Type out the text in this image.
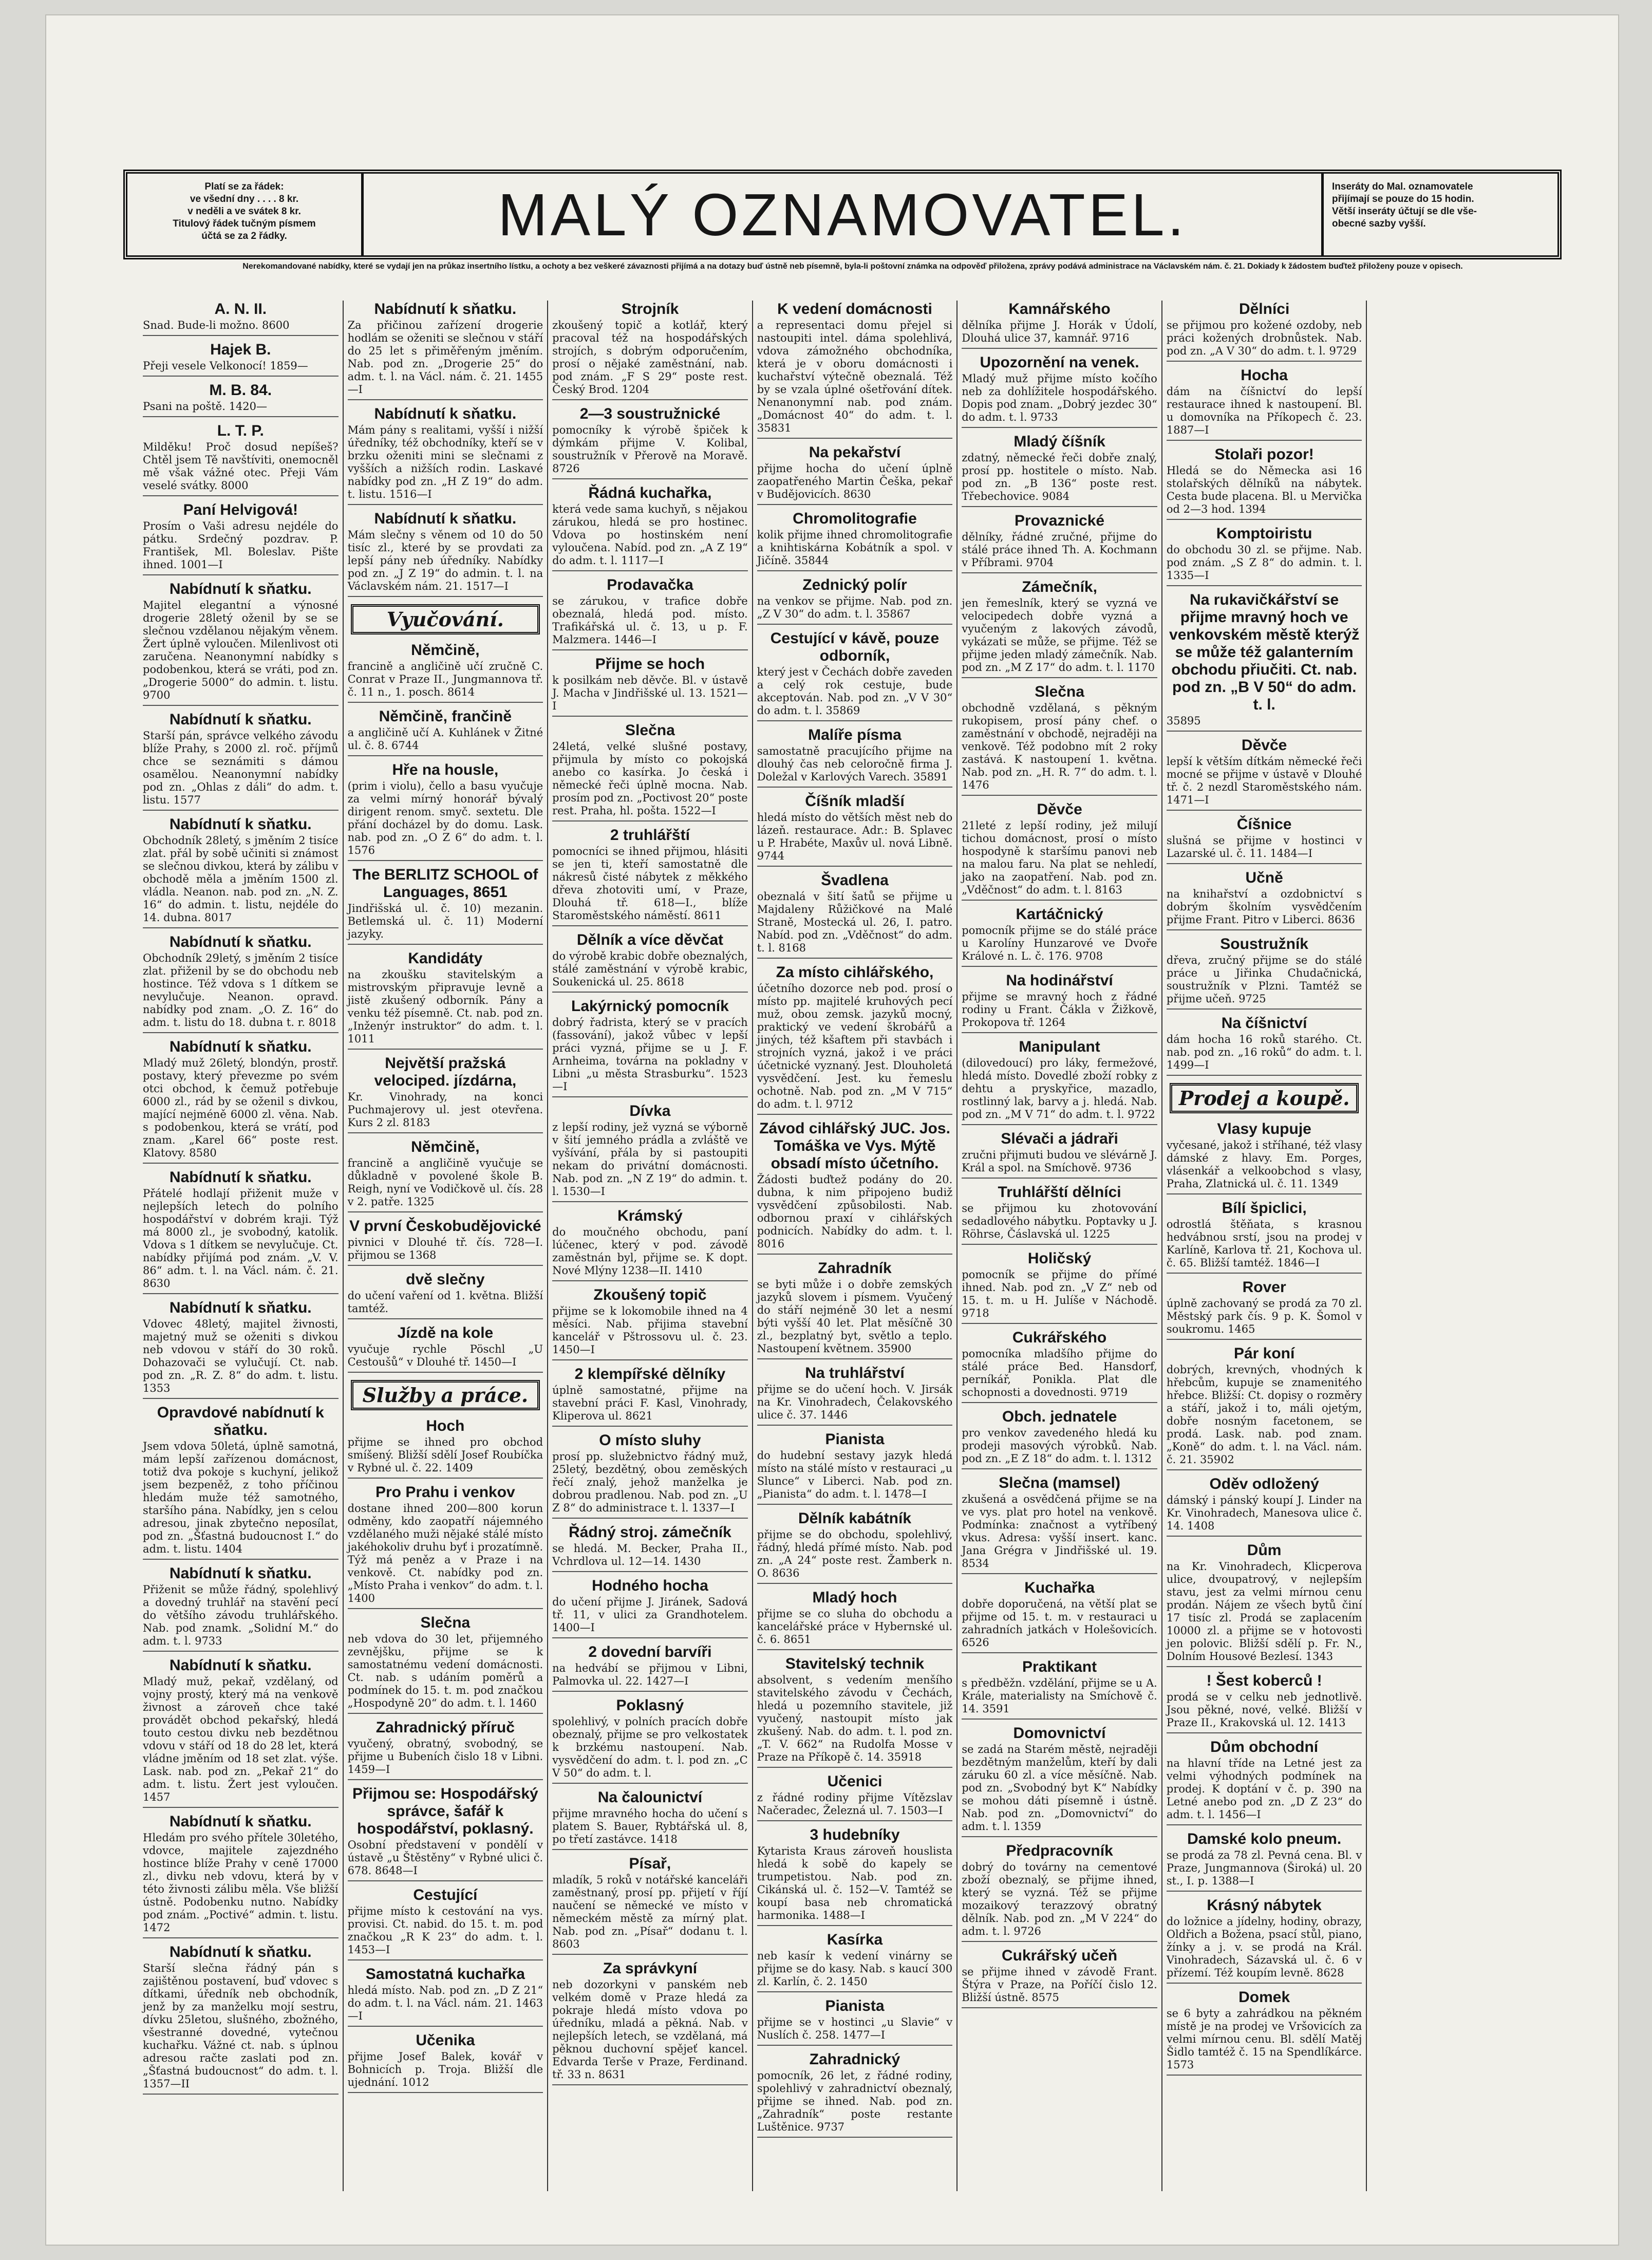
Platí se za řádek:
ve všední dny . . . . 8 kr.
v neděli a ve svátek 8 kr.
Titulový řádek tučným písmem
účtá se za 2 řádky.	MALÝ OZNAMOVATEL.	Inseráty do Mal. oznamovatele
přijímají se pouze do 15 hodin.
Větší inseráty účtují se dle vše-
obecné sazby vyšší.
Nerekomandované nabídky, které se vydají jen na průkaz insertního lístku, a ochoty a bez veškeré závaznosti přijímá a na dotazy buď ústně neb písemně, byla-li poštovní známka na odpověď přiložena, zprávy podává administrace na Václavském nám. č. 21. Dokiady k žádostem buďtež přiloženy pouze v opisech.
A. N. II.
Snad. Bude-li možno. 8600
Hajek B.
Přeji vesele Velkonocí! 1859—
M. B. 84.
Psani na poště. 1420—
L. T. P.
Milděku! Proč dosud nepíšeš? Chtěl jsem Tě navštíviti, onemocněl mě však vážné otec. Přeji Vám veselé svátky. 8000
Paní Helvigová!
Prosím o Vaši adresu nejdéle do pátku. Srdečný pozdrav. P. František, Ml. Boleslav. Pište ihned. 1001—I
Nabídnutí k sňatku.
Majitel elegantní a výnosné drogerie 28letý oženil by se se slečnou vzdělanou nějakým věnem. Žert úplně vyloučen. Milenlivost oti zaručena. Neanonymní nabídky s podobenkou, která se vráti, pod zn. „Drogerie 5000“ do admin. t. listu. 9700
Nabídnutí k sňatku.
Starší pán, správce velkého závodu blíže Prahy, s 2000 zl. roč. příjmů chce se seznámiti s dámou osamělou. Neanonymní nabídky pod zn. „Ohlas z dáli“ do adm. t. listu. 1577
Nabídnutí k sňatku.
Obchodník 28letý, s jměním 2 tisíce zlat. přál by sobě učiniti si známost se slečnou divkou, která by zálibu v obchodě měla a jměním 1500 zl. vládla. Neanon. nab. pod zn. „N. Z. 16“ do admin. t. listu, nejdéle do 14. dubna. 8017
Nabídnutí k sňatku.
Obchodník 29letý, s jměním 2 tisíce zlat. přiženil by se do obchodu neb hostince. Též vdova s 1 dítkem se nevylučuje. Neanon. opravd. nabídky pod znam. „O. Z. 16“ do adm. t. listu do 18. dubna t. r. 8018
Nabídnutí k sňatku.
Mladý muž 26letý, blondýn, prostř. postavy, který převezme po svém otci obchod, k čemuž potřebuje 6000 zl., rád by se oženil s divkou, mající nejméně 6000 zl. věna. Nab. s podobenkou, která se vrátí, pod znam. „Karel 66“ poste rest. Klatovy. 8580
Nabídnutí k sňatku.
Přátelé hodlají přiženit muže v nejlepších letech do polního hospodářství v dobrém kraji. Týž má 8000 zl., je svobodný, katolik. Vdova s 1 dítkem se nevylučuje. Ct. nabídky přijímá pod znám. „V. V. 86“ adm. t. l. na Václ. nám. č. 21. 8630
Nabídnutí k sňatku.
Vdovec 48letý, majitel živnosti, majetný muž se oženiti s divkou neb vdovou v stáří do 30 roků. Dohazovači se vylučují. Ct. nab. pod zn. „R. Z. 8“ do adm. t. listu. 1353
Opravdové nabídnutí k sňatku.
Jsem vdova 50letá, úplně samotná, mám lepší zařízenou domácnost, totiž dva pokoje s kuchyní, jelikož jsem bezpeněž, z toho příčinou hledám muže též samotného, staršího pána. Nabídky, jen s celou adresou, jinak zbytečno neposílat, pod zn. „Šťastná budoucnost I.“ do adm. t. listu. 1404
Nabídnutí k sňatku.
Přiženit se může řádný, spolehlivý a dovedný truhlář na stavění pecí do většího závodu truhlářského. Nab. pod znamk. „Solidní M.“ do adm. t. l. 9733
Nabídnutí k sňatku.
Mladý muž, pekař, vzdělaný, od vojny prostý, který má na venkově živnost a zároveň chce také provádět obchod pekařský, hledá touto cestou divku neb bezdětnou vdovu v stáří od 18 do 28 let, která vládne jměním od 18 set zlat. výše. Lask. nab. pod zn. „Pekař 21“ do adm. t. listu. Žert jest vyloučen. 1457
Nabídnutí k sňatku.
Hledám pro svého přítele 30letého, vdovce, majitele zajezdného hostince blíže Prahy v ceně 17000 zl., divku neb vdovu, která by v této živnosti zálibu měla. Vše bližší ústně. Podobenku nutno. Nabídky pod znám. „Poctivé“ admin. t. listu. 1472
Nabídnutí k sňatku.
Starší slečna řádný pán s zajištěnou postavení, buď vdovec s dítkami, úředník neb obchodník, jenž by za manželku mojí sestru, dívku 25letou, slušného, zbožného, všestranné dovedné, vytečnou kuchařku. Vážné ct. nab. s úplnou adresou račte zaslati pod zn. „Šťastná budoucnost“ do adm. t. l. 1357—II
Nabídnutí k sňatku.
Za přičinou zařízení drogerie hodlám se oženiti se slečnou v stáří do 25 let s přiměřeným jměním. Nab. pod zn. „Drogerie 25“ do adm. t. l. na Václ. nám. č. 21. 1455—I
Nabídnutí k sňatku.
Mám pány s realitami, vyšší i nižší úředníky, též obchodníky, kteří se v brzku oženiti mini se slečnami z vyšších a nižších rodin. Laskavé nabídky pod zn. „H Z 19“ do adm. t. listu. 1516—I
Nabídnutí k sňatku.
Mám slečny s věnem od 10 do 50 tisíc zl., které by se provdati za lepší pány neb úředníky. Nabídky pod zn. „J Z 19“ do admin. t. l. na Václavském nám. 21. 1517—I
Vyučování.
Němčině,
francině a angličině učí zručně C. Conrat v Praze II., Jungmannova tř. č. 11 n., 1. posch. 8614
Němčině, frančině
a angličině učí A. Kuhlánek v Žitné ul. č. 8. 6744
Hře na housle,
(prim i violu), čello a basu vyučuje za velmi mírný honorář bývalý dirigent renom. smyč. sextetu. Dle přání docházel by do domu. Lask. nab. pod zn. „O Z 6“ do adm. t. l. 1576
The BERLITZ SCHOOL of Languages, 8651
Jindřišská ul. č. 10) mezanin. Betlemská ul. č. 11) Moderní jazyky.
Kandidáty
na zkoušku stavitelským a mistrovským připravuje levně a jistě zkušený odborník. Pány a venku též písemně. Ct. nab. pod zn. „Inženýr instruktor“ do adm. t. l. 1011
Největší pražská velociped. jízdárna,
Kr. Vinohrady, na konci Puchmajerovy ul. jest otevřena. Kurs 2 zl. 8183
Němčině,
francině a angličině vyučuje se důkladně v povolené škole B. Reigh, nyní ve Vodičkově ul. čís. 28 v 2. patře. 1325
V první Českobudějovické
pivnici v Dlouhé tř. čís. 728—I. přijmou se 1368
dvě slečny
do učení vaření od 1. května. Bližší tamtéž.
Jízdě na kole
vyučuje rychle Pöschl „U Cestoušů“ v Dlouhé tř. 1450—I
Služby a práce.
Hoch
přijme se ihned pro obchod smíšený. Bližší sdělí Josef Roubíčka v Rybné ul. č. 22. 1409
Pro Prahu i venkov
dostane ihned 200—800 korun odměny, kdo zaopatří nájemného vzdělaného muži nějaké stálé místo jakéhokoliv druhu byť i prozatímně. Týž má peněz a v Praze i na venkově. Ct. nabídky pod zn. „Místo Praha i venkov“ do adm. t. l. 1400
Slečna
neb vdova do 30 let, přijemného zevnějšku, přijme se k samostatnému vedení domácnosti. Ct. nab. s udáním poměrů a podmínek do 15. t. m. pod značkou „Hospodyně 20“ do adm. t. l. 1460
Zahradnický příruč
vyučený, obratný, svobodný, se přijme u Bubeních čislo 18 v Libni. 1459—I
Přijmou se: Hospodářský správce, šafář k hospodářství, poklasný.
Osobní představení v pondělí v ústavě „u Štěstěny“ v Rybné ulici č. 678. 8648—I
Cestující
přijme místo k cestování na vys. provisi. Ct. nabid. do 15. t. m. pod značkou „R K 23“ do adm. t. l. 1453—I
Samostatná kuchařka
hledá místo. Nab. pod zn. „D Z 21“ do adm. t. l. na Václ. nám. 21. 1463—I
Učenika
přijme Josef Balek, kovář v Bohnicích p. Troja. Bližší dle ujednání. 1012
Strojník
zkoušený topič a kotlář, který pracoval též na hospodářských strojích, s dobrým odporučením, prosí o nějaké zaměstnání, nab. pod znám. „F S 29“ poste rest. Český Brod. 1204
2—3 soustružnické
pomocníky k výrobě špiček k dýmkám přijme V. Kolibal, soustružník v Přerově na Moravě. 8726
Řádná kuchařka,
která vede sama kuchyň, s nějakou zárukou, hledá se pro hostinec. Vdova po hostinském není vyloučena. Nabíd. pod zn. „A Z 19“ do adm. t. l. 1117—I
Prodavačka
se zárukou, v trafice dobře obeznalá, hledá pod. místo. Trafikářská ul. č. 13, u p. F. Malzmera. 1446—I
Přijme se hoch
k posilkám neb děvče. Bl. v ústavě J. Macha v Jindřišské ul. 13. 1521—I
Slečna
24letá, velké slušné postavy, přijmula by místo co pokojská anebo co kasírka. Jo česká i německé řeči úplně mocna. Nab. prosím pod zn. „Poctivost 20“ poste rest. Praha, hl. pošta. 1522—I
2 truhlářští
pomocníci se ihned přijmou, hlásiti se jen ti, kteří samostatně dle nákresů čisté nábytek z měkkého dřeva zhotoviti umí, v Praze, Dlouhá tř. 618—I., blíže Staroměstského náměstí. 8611
Dělník a více děvčat
do výrobě krabic dobře obeznalých, stálé zaměstnání v výrobě krabic, Soukenická ul. 25. 8618
Lakýrnický pomocník
dobrý řadrista, který se v pracích (fassování), jakož vůbec v lepší práci vyzná, přijme se u J. F. Arnheima, továrna na pokladny v Libni „u města Strasburku“. 1523—I
Dívka
z lepší rodiny, jež vyzná se výborně v šití jemného prádla a zvláště ve vyšívání, přála by si pastoupiti nekam do privátní domácnosti. Nab. pod zn. „N Z 19“ do admin. t. l. 1530—I
Krámský
do moučného obchodu, paní lúčenec, který v pod. závodě zaměstnán byl, přijme se. K dopt. Nové Mlýny 1238—II. 1410
Zkoušený topič
přijme se k lokomobile ihned na 4 měsíci. Nab. přijima stavební kancelář v Pštrossovu ul. č. 23. 1450—I
2 klempířské dělníky
úplně samostatné, přijme na stavební práci F. Kasl, Vinohrady, Kliperova ul. 8621
O místo sluhy
prosí pp. služebnictvo řádný muž, 25letý, bezdětný, obou zeměských řečí znalý, jehož manželka je dobrou pradlenou. Nab. pod zn. „U Z 8“ do administrace t. l. 1337—I
Řádný stroj. zámečník
se hledá. M. Becker, Praha II., Vchrdlova ul. 12—14. 1430
Hodného hocha
do učení přijme J. Jiránek, Sadová tř. 11, v ulici za Grandhotelem. 1400—I
2 dovední barvíři
na hedvábí se přijmou v Libni, Palmovka ul. 22. 1427—I
Poklasný
spolehlivý, v polních pracích dobře obeznalý, přijme se pro velkostatek k brzkému nastoupení. Nab. vysvědčení do adm. t. l. pod zn. „C V 50“ do adm. t. l.
Na čalounictví
přijme mravného hocha do učení s platem S. Bauer, Rybtářská ul. 8, po třetí zastávce. 1418
Písař,
mladík, 5 roků v notářské kanceláři zaměstnaný, prosí pp. přijetí v říjí naučení se německé ve místo v německém městě za mírný plat. Nab. pod zn. „Písař“ dodanu t. l. 8603
Za správkyní
neb dozorkyni v panském neb velkém domě v Praze hledá za pokraje hledá místo vdova po úředníku, mladá a pěkná. Nab. v nejlepších letech, se vzdělaná, má pěknou duchovní spějeť kancel. Edvarda Terše v Praze, Ferdinand. tř. 33 n. 8631
K vedení domácnosti
a representaci domu přejel si nastoupiti intel. dáma spolehlivá, vdova zámožného obchodníka, která je v oboru domácnosti i kuchařství výtečně obeznalá. Též by se vzala úplné ošetřování dítek. Nenanonymní nab. pod znám. „Domácnost 40“ do adm. t. l. 35831
Na pekařství
přijme hocha do učení úplně zaopatřeného Martin Češka, pekař v Budějovicích. 8630
Chromolitografie
kolik přijme ihned chromolitografie a knihtiskárna Kobátník a spol. v Jičíně. 35844
Zednický polír
na venkov se přijme. Nab. pod zn. „Z V 30“ do adm. t. l. 35867
Cestující v kávě, pouze odborník,
který jest v Čechách dobře zaveden a celý rok cestuje, bude akceptován. Nab. pod zn. „V V 30“ do adm. t. l. 35869
Malíře písma
samostatně pracujícího přijme na dlouhý čas neb celoročně firma J. Doležal v Karlových Varech. 35891
Číšník mladší
hledá místo do větších měst neb do lázeň. restaurace. Adr.: B. Splavec u P. Hrabéte, Maxův ul. nová Libně. 9744
Švadlena
obeznalá v šití šatů se přijme u Majdaleny Růžičkové na Malé Straně, Mostecká ul. 26, I. patro. Nabíd. pod zn. „Vděčnost“ do adm. t. l. 8168
Za místo cihlářského,
účetního dozorce neb pod. prosí o místo pp. majitelé kruhových pecí muž, obou zemsk. jazyků mocný, praktický ve vedení škrobářů a jiných, též kšaftem při stavbách i strojních vyzná, jakož i ve práci účetnické vyznaný. Jest. Dlouholetá vysvědčení. Jest. ku řemeslu ochotně. Nab. pod zn. „M V 715“ do adm. t. l. 9712
Závod cihlářský JUC. Jos. Tomáška ve Vys. Mýtě obsadí místo účetního.
Žádosti buďtež podány do 20. dubna, k nim připojeno budiž vysvědčení způsobilosti. Nab. odbornou praxí v cihlářských podnicích. Nabídky do adm. t. l. 8016
Zahradník
se byti může i o dobře zemských jazyků slovem i písmem. Vyučený do stáří nejméně 30 let a nesmí býti vyšší 40 let. Plat měsíčně 30 zl., bezplatný byt, světlo a teplo. Nastoupení květnem. 35900
Na truhlářství
přijme se do učení hoch. V. Jirsák na Kr. Vinohradech, Čelakovského ulice č. 37. 1446
Pianista
do hudební sestavy jazyk hledá místo na stálé místo v restauraci „u Slunce“ v Liberci. Nab. pod zn. „Pianista“ do adm. t. l. 1478—I
Dělník kabátník
přijme se do obchodu, spolehlivý, řádný, hledá přímé místo. Nab. pod zn. „A 24“ poste rest. Žamberk n. O. 8636
Mladý hoch
přijme se co sluha do obchodu a kancelářské práce v Hybernské ul. č. 6. 8651
Stavitelský technik
absolvent, s vedením menšího stavitelského závodu v Čechách, hledá u pozemního stavitele, již vyučený, nastoupit místo jak zkušený. Nab. do adm. t. l. pod zn. „T. V. 662“ na Rudolfa Mosse v Praze na Příkopě č. 14. 35918
Učenici
z řádné rodiny přijme Vítězslav Načeradec, Železná ul. 7. 1503—I
3 hudebníky
Kytarista Kraus zároveň houslista hledá k sobě do kapely se trumpetistou. Nab. pod zn. Cikánská ul. č. 152—V. Tamtéž se koupí basa neb chromatická harmonika. 1488—I
Kasírka
neb kasír k vedení vinárny se přijme se do kasy. Nab. s kaucí 300 zl. Karlín, č. 2. 1450
Pianista
přijme se v hostinci „u Slavie“ v Nuslích č. 258. 1477—I
Zahradnický
pomocník, 26 let, z řádné rodiny, spolehlivý v zahradnictví obeznalý, přijme se ihned. Nab. pod zn. „Zahradník“ poste restante Luštěnice. 9737
Kamnářského
dělníka přijme J. Horák v Údolí, Dlouhá ulice 37, kamnář. 9716
Upozornění na venek.
Mladý muž přijme místo kočího neb za dohlížitele hospodářského. Dopis pod znam. „Dobrý jezdec 30“ do adm. t. l. 9733
Mladý číšník
zdatný, německé řeči dobře znalý, prosí pp. hostitele o místo. Nab. pod zn. „B 136“ poste rest. Třebechovice. 9084
Provaznické
dělníky, řádné zručné, přijme do stálé práce ihned Th. A. Kochmann v Příbrami. 9704
Zámečník,
jen řemeslník, který se vyzná ve velocipedech dobře vyzná a vyučeným z lakových závodů, vykázati se může, se přijme. Též se přijme jeden mladý zámečník. Nab. pod zn. „M Z 17“ do adm. t. l. 1170
Slečna
obchodně vzdělaná, s pěkným rukopisem, prosí pány chef. o zaměstnání v obchodě, nejraději na venkově. Též podobno mít 2 roky zastává. K nastoupení 1. května. Nab. pod zn. „H. R. 7“ do adm. t. l. 1476
Děvče
21leté z lepší rodiny, jež milují tichou domácnost, prosí o místo hospodyně k staršímu panovi neb na malou faru. Na plat se nehledí, jako na zaopatření. Nab. pod zn. „Vděčnost“ do adm. t. l. 8163
Kartáčnický
pomocník přijme se do stálé práce u Karolíny Hunzarové ve Dvoře Králové n. L. č. 176. 9708
Na hodinářství
přijme se mravný hoch z řádné rodiny u Frant. Čákla v Žižkově, Prokopova tř. 1264
Manipulant
(dilovedoucí) pro láky, fermežové, hledá místo. Dovedlé zboží robky z dehtu a pryskyřice, mazadlo, rostlinný lak, barvy a j. hledá. Nab. pod zn. „M V 71“ do adm. t. l. 9722
Slévači a jádraři
zručni přijmuti budou ve slévárně J. Král a spol. na Smíchově. 9736
Truhlářští dělníci
se přijmou ku zhotovování sedadlového nábytku. Poptavky u J. Röhrse, Čáslavská ul. 1225
Holičský
pomocník se přijme do přímé ihned. Nab. pod zn. „V Z“ neb od 15. t. m. u H. Julíše v Náchodě. 9718
Cukrářského
pomocníka mladšího přijme do stálé práce Bed. Hansdorf, perníkář, Ponikla. Plat dle schopnosti a dovednosti. 9719
Obch. jednatele
pro venkov zavedeného hledá ku prodeji masových výrobků. Nab. pod zn. „E Z 18“ do adm. t. l. 1312
Slečna (mamsel)
zkušená a osvědčená přijme se na ve vys. plat pro hotel na venkově. Podmínka: značnost a vytříbený vkus. Adresa: vyšší insert. kanc. Jana Grégra v Jindřišské ul. 19. 8534
Kuchařka
dobře doporučená, na větší plat se přijme od 15. t. m. v restauraci u zahradních jatkách v Holešovicích. 6526
Praktikant
s předběžn. vzdělání, přijme se u A. Krále, materialisty na Smíchově č. 14. 3591
Domovnictví
se zadá na Starém městě, nejraději bezdětným manželům, kteří by dali záruku 60 zl. a více měsíčně. Nab. pod zn. „Svobodný byt K“ Nabídky se mohou dáti písemně i ústně. Nab. pod zn. „Domovnictví“ do adm. t. l. 1359
Předpracovník
dobrý do továrny na cementové zboží obeznalý, se přijme ihned, který se vyzná. Též se přijme mozaikový terazzový obratný dělník. Nab. pod zn. „M V 224“ do adm. t. l. 9726
Cukrářský učeň
se přijme ihned v závodě Frant. Štýra v Praze, na Poříčí čislo 12. Bližší ústně. 8575
Dělníci
se přijmou pro kožené ozdoby, neb práci kožených drobnůstek. Nab. pod zn. „A V 30“ do adm. t. l. 9729
Hocha
dám na číšnictví do lepší restaurace ihned k nastoupení. Bl. u domovníka na Příkopech č. 23. 1887—I
Stolaři pozor!
Hledá se do Německa asi 16 stolařských dělníků na nábytek. Cesta bude placena. Bl. u Mervička od 2—3 hod. 1394
Komptoiristu
do obchodu 30 zl. se přijme. Nab. pod znám. „S Z 8“ do admin. t. l. 1335—I
Na rukavičkářství se přijme mravný hoch ve venkovském městě kterýž se může též galanterním obchodu přiučiti. Ct. nab. pod zn. „B V 50“ do adm. t. l.
35895
Děvče
lepší k větším dítkám německé řeči mocné se přijme v ústavě v Dlouhé tř. č. 2 nezdl Staroměstského nám. 1471—I
Číšnice
slušná se přijme v hostinci v Lazarské ul. č. 11. 1484—I
Učně
na knihařství a ozdobnictví s dobrým školním vysvědčením přijme Frant. Pitro v Liberci. 8636
Soustružník
dřeva, zručný přijme se do stálé práce u Jiřinka Chudačnická, soustružník v Plzni. Tamtéž se přijme učeň. 9725
Na číšnictví
dám hocha 16 roků starého. Ct. nab. pod zn. „16 roků“ do adm. t. l. 1499—I
Prodej a koupě.
Vlasy kupuje
vyčesané, jakož i stříhané, též vlasy dámské z hlavy. Em. Porges, vlásenkář a velkoobchod s vlasy, Praha, Zlatnická ul. č. 11. 1349
Bílí špiclici,
odrostlá štěňata, s krasnou hedvábnou srstí, jsou na prodej v Karlíně, Karlova tř. 21, Kochova ul. č. 65. Bližší tamtéž. 1846—I
Rover
úplně zachovaný se prodá za 70 zl. Městský park čís. 9 p. K. Šomol v soukromu. 1465
Pár koní
dobrých, krevných, vhodných k hřebcům, kupuje se znamenitého hřebce. Bližší: Ct. dopisy o rozměry a stáří, jakož i to, máli ojetým, dobře nosným facetonem, se prodá. Lask. nab. pod znam. „Koně“ do adm. t. l. na Václ. nám. č. 21. 35902
Oděv odložený
dámský i pánský koupí J. Linder na Kr. Vinohradech, Manesova ulice č. 14. 1408
Dům
na Kr. Vinohradech, Klicperova ulice, dvoupatrový, v nejlepším stavu, jest za velmi mírnou cenu prodán. Nájem ze všech bytů činí 17 tisíc zl. Prodá se zaplacením 10000 zl. a přijme se v hotovosti jen polovic. Bližší sdělí p. Fr. N., Dolním Housové Bezlesí. 1343
! Šest koberců !
prodá se v celku neb jednotlivě. Jsou pěkné, nové, velké. Bližší v Praze II., Krakovská ul. 12. 1413
Dům obchodní
na hlavní tříde na Letné jest za velmi výhodných podmínek na prodej. K doptání v č. p. 390 na Letné anebo pod zn. „D Z 23“ do adm. t. l. 1456—I
Damské kolo pneum.
se prodá za 78 zl. Pevná cena. Bl. v Praze, Jungmannova (Široká) ul. 20 st., I. p. 1388—I
Krásný nábytek
do ložnice a jídelny, hodiny, obrazy, Oldřich a Božena, psací stůl, piano, žínky a j. v. se prodá na Král. Vinohradech, Sázavská ul. č. 6 v přízemí. Též koupím levně. 8628
Domek
se 6 byty a zahrádkou na pěkném místě je na prodej ve Vršovicích za velmi mírnou cenu. Bl. sdělí Matěj Šidlo tamtéž č. 15 na Spendlíkárce. 1573
